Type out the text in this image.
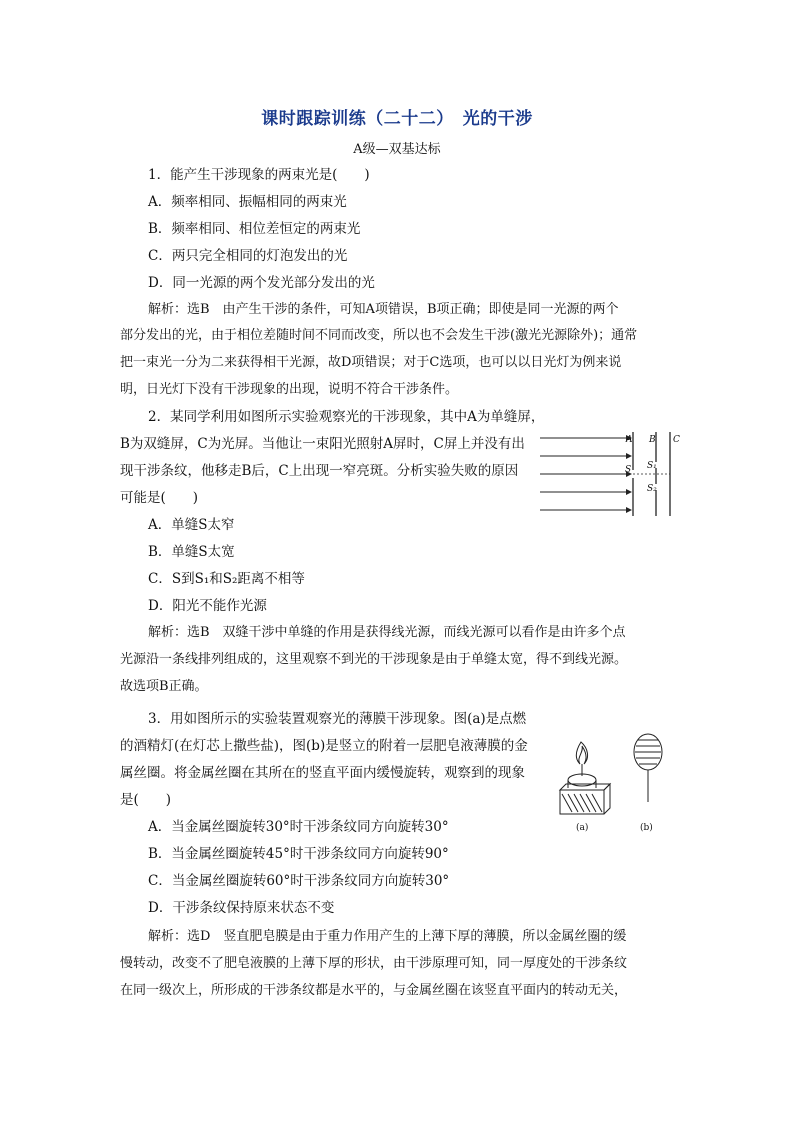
课时跟踪训练（二十二）　光的干涉
A级—双基达标
1．能产生干涉现象的两束光是(　　)
A．频率相同、振幅相同的两束光
B．频率相同、相位差恒定的两束光
C．两只完全相同的灯泡发出的光
D．同一光源的两个发光部分发出的光
解析：选B　由产生干涉的条件，可知A项错误，B项正确；即使是同一光源的两个
部分发出的光，由于相位差随时间不同而改变，所以也不会发生干涉(激光光源除外)；通常
把一束光一分为二来获得相干光源，故D项错误；对于C选项，也可以以日光灯为例来说
明，日光灯下没有干涉现象的出现，说明不符合干涉条件。
2．某同学利用如图所示实验观察光的干涉现象，其中A为单缝屏，
B为双缝屏，C为光屏。当他让一束阳光照射A屏时，C屏上并没有出
现干涉条纹，他移走B后，C上出现一窄亮斑。分析实验失败的原因
可能是(　　)
A B C
S S₁
S₂
A．单缝S太窄
B．单缝S太宽
C．S到S₁和S₂距离不相等
D．阳光不能作光源
解析：选B　双缝干涉中单缝的作用是获得线光源，而线光源可以看作是由许多个点
光源沿一条线排列组成的，这里观察不到光的干涉现象是由于单缝太宽，得不到线光源。
故选项B正确。
3．用如图所示的实验装置观察光的薄膜干涉现象。图(a)是点燃
的酒精灯(在灯芯上撒些盐)，图(b)是竖立的附着一层肥皂液薄膜的金
属丝圈。将金属丝圈在其所在的竖直平面内缓慢旋转，观察到的现象
是(　　)
(a)	(b)
A．当金属丝圈旋转30°时干涉条纹同方向旋转30°
B．当金属丝圈旋转45°时干涉条纹同方向旋转90°
C．当金属丝圈旋转60°时干涉条纹同方向旋转30°
D．干涉条纹保持原来状态不变
解析：选D　竖直肥皂膜是由于重力作用产生的上薄下厚的薄膜，所以金属丝圈的缓
慢转动，改变不了肥皂液膜的上薄下厚的形状，由干涉原理可知，同一厚度处的干涉条纹
在同一级次上，所形成的干涉条纹都是水平的，与金属丝圈在该竖直平面内的转动无关，
